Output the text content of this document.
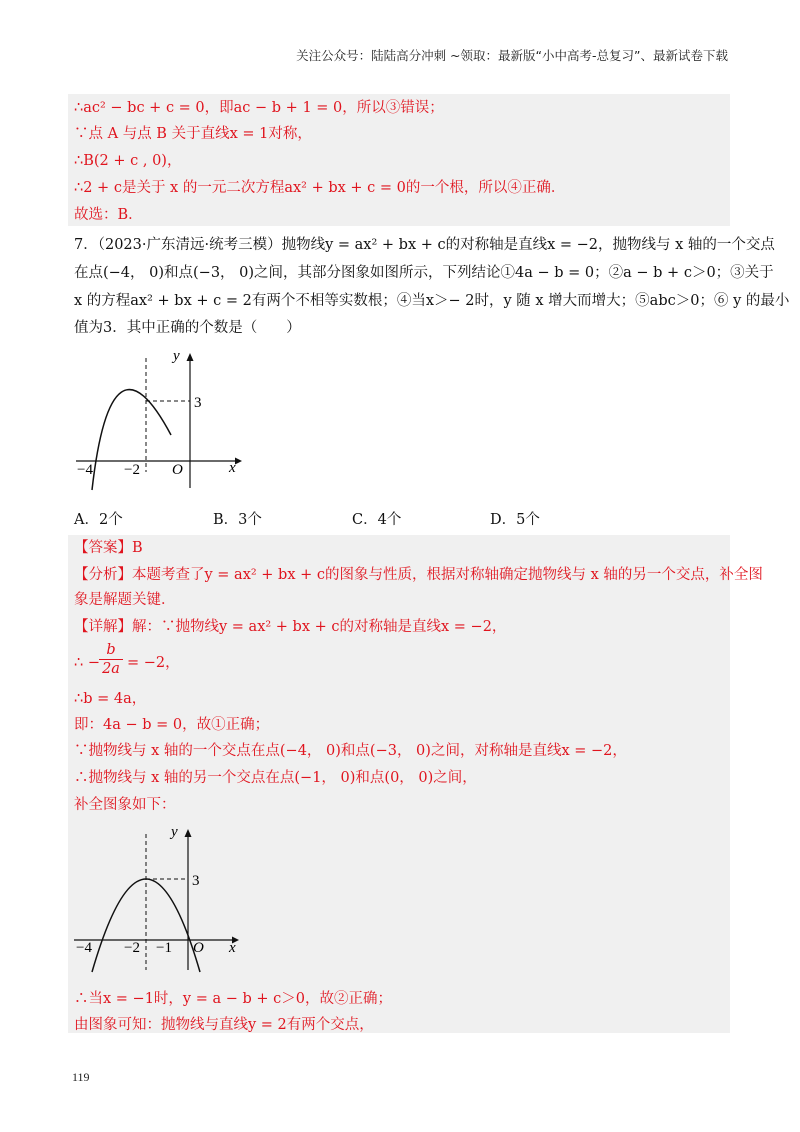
关注公众号：陆陆高分冲刺 ~领取：最新版“小中高考-总复习”、最新试卷下载
∴ac² − bc + c = 0，即ac − b + 1 = 0，所以③错误；
∵点 A 与点 B 关于直线x = 1对称，
∴B(2 + c , 0)，
∴2 + c是关于 x 的一元二次方程ax² + bx + c = 0的一个根，所以④正确．
故选：B．
7．（2023·广东清远·统考三模）抛物线y = ax² + bx + c的对称轴是直线x = −2，抛物线与 x 轴的一个交点
在点(−4， 0)和点(−3， 0)之间，其部分图象如图所示，下列结论①4a − b = 0；②a − b + c＞0；③关于
x 的方程ax² + bx + c = 2有两个不相等实数根；④当x＞− 2时，y 随 x 增大而增大；⑤abc＞0；⑥ y 的最小
值为3．其中正确的个数是（　　）
y
x
O
3
−4 −2
A．2个	B．3个	C．4个	D．5个
【答案】B
【分析】本题考查了y = ax² + bx + c的图象与性质，根据对称轴确定抛物线与 x 轴的另一个交点，补全图
象是解题关键．
【详解】解：∵抛物线y = ax² + bx + c的对称轴是直线x = −2，
∴ −
b
2a = −2，
∴b = 4a，
即：4a − b = 0，故①正确；
∵抛物线与 x 轴的一个交点在点(−4， 0)和点(−3， 0)之间，对称轴是直线x = −2，
∴抛物线与 x 轴的另一个交点在点(−1， 0)和点(0， 0)之间，
补全图象如下：
y
x
O
3
−4 −2 −1
∴当x = −1时，y = a − b + c＞0，故②正确；
由图象可知：抛物线与直线y = 2有两个交点，
119
